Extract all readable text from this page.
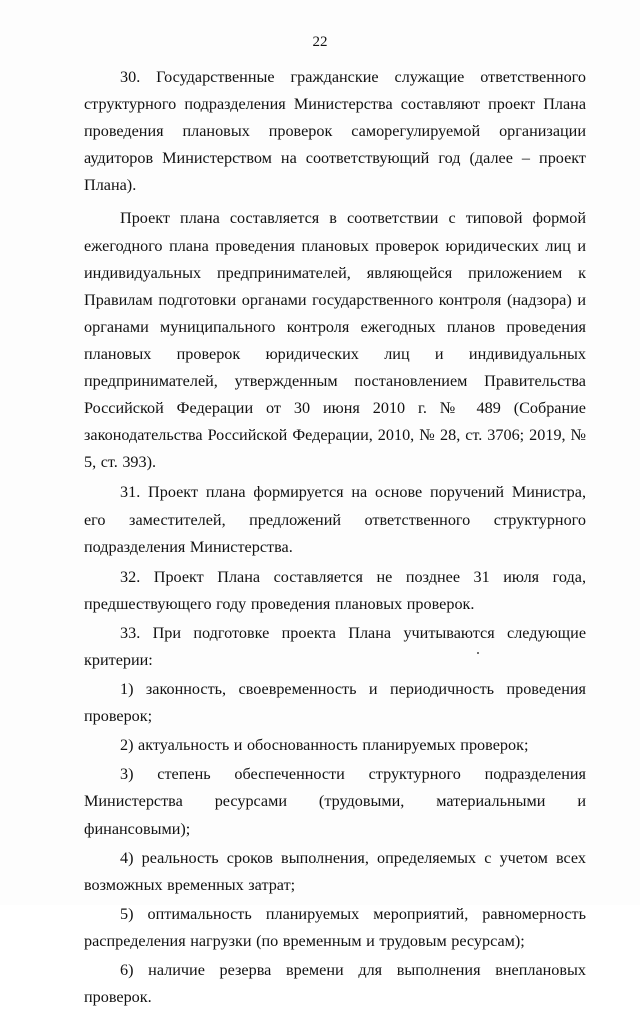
22

30. Государственные гражданские служащие ответственного структурного подразделения Министерства составляют проект Плана проведения плановых проверок саморегулируемой организации аудиторов Министерством на соответствующий год (далее – проект Плана).

Проект плана составляется в соответствии с типовой формой ежегодного плана проведения плановых проверок юридических лиц и индивидуальных предпринимателей, являющейся приложением к Правилам подготовки органами государственного контроля (надзора) и органами муниципального контроля ежегодных планов проведения плановых проверок юридических лиц и индивидуальных предпринимателей, утвержденным постановлением Правительства Российской Федерации от 30 июня 2010 г. № 489 (Собрание законодательства Российской Федерации, 2010, № 28, ст. 3706; 2019, № 5, ст. 393).

31. Проект плана формируется на основе поручений Министра, его заместителей, предложений ответственного структурного подразделения Министерства.

32. Проект Плана составляется не позднее 31 июля года, предшествующего году проведения плановых проверок.

33. При подготовке проекта Плана учитываются следующие критерии:

1) законность, своевременность и периодичность проведения проверок;

2) актуальность и обоснованность планируемых проверок;

3) степень обеспеченности структурного подразделения Министерства ресурсами (трудовыми, материальными и финансовыми);

4) реальность сроков выполнения, определяемых с учетом всех возможных временных затрат;

5) оптимальность планируемых мероприятий, равномерность распределения нагрузки (по временным и трудовым ресурсам);

6) наличие резерва времени для выполнения внеплановых проверок.
